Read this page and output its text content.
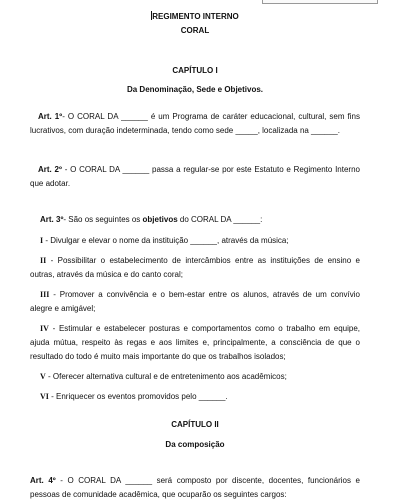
REGIMENTO INTERNO
CORAL
CAPÍTULO I
Da Denominação, Sede e Objetivos.

Art. 1º- O CORAL DA ______ é um Programa de caráter educacional, cultural, sem fins lucrativos, com duração indeterminada, tendo como sede _____, localizada na ______.

Art. 2º - O CORAL DA ______ passa a regular-se por este Estatuto e Regimento Interno que adotar.

Art. 3º- São os seguintes os objetivos do CORAL DA ______:

I - Divulgar e elevar o nome da instituição ______, através da música;

II - Possibilitar o estabelecimento de intercâmbios entre as instituições de ensino e outras, através da música e do canto coral;

III - Promover a convivência e o bem-estar entre os alunos, através de um convívio alegre e amigável;

IV - Estimular e estabelecer posturas e comportamentos como o trabalho em equipe, ajuda mútua, respeito às regas e aos limites e, principalmente, a consciência de que o resultado do todo é muito mais importante do que os trabalhos isolados;

V - Oferecer alternativa cultural e de entretenimento aos acadêmicos;

VI - Enriquecer os eventos promovidos pelo ______.

CAPÍTULO II
Da composição

Art. 4º - O CORAL DA ______ será composto por discente, docentes, funcionários e pessoas de comunidade acadêmica, que ocuparão os seguintes cargos:
